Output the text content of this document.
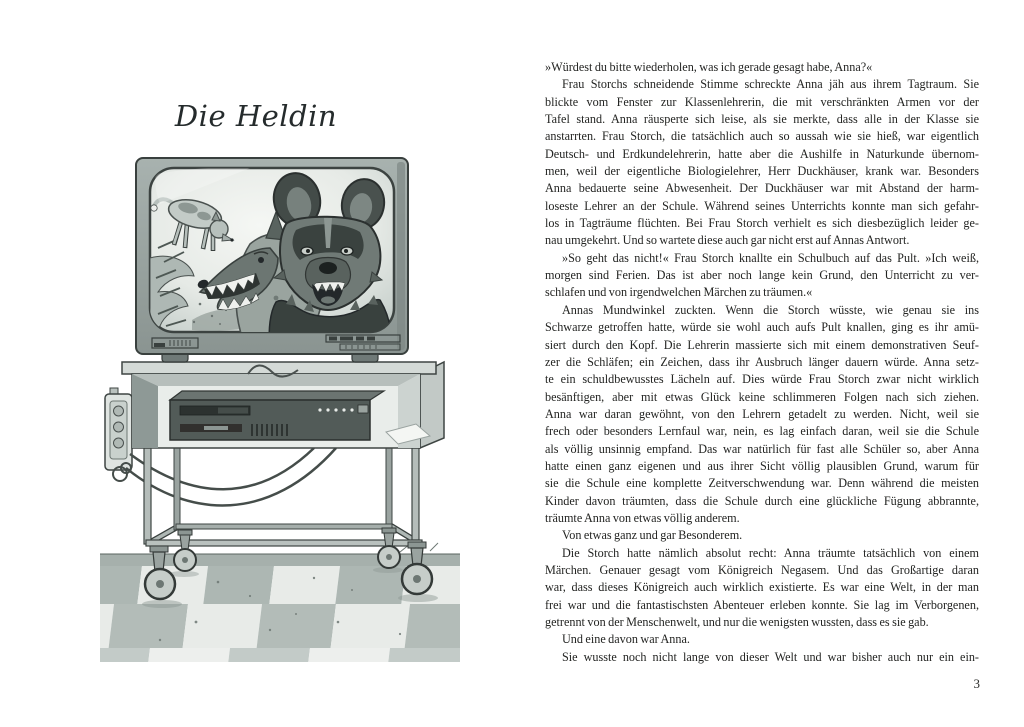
Die Heldin
»Würdest du bitte wiederholen, was ich gerade gesagt habe, Anna?«
Frau Storchs schneidende Stimme schreckte Anna jäh aus ihrem Tagtraum. Sie
blickte vom Fenster zur Klassenlehrerin, die mit verschränkten Armen vor der
Tafel stand. Anna räusperte sich leise, als sie merkte, dass alle in der Klasse sie
anstarrten. Frau Storch, die tatsächlich auch so aussah wie sie hieß, war eigentlich
Deutsch- und Erdkundelehrerin, hatte aber die Aushilfe in Naturkunde übernom-
men, weil der eigentliche Biologielehrer, Herr Duckhäuser, krank war. Besonders
Anna bedauerte seine Abwesenheit. Der Duckhäuser war mit Abstand der harm-
loseste Lehrer an der Schule. Während seines Unterrichts konnte man sich gefahr-
los in Tagträume flüchten. Bei Frau Storch verhielt es sich diesbezüglich leider ge-
nau umgekehrt. Und so wartete diese auch gar nicht erst auf Annas Antwort.
»So geht das nicht!« Frau Storch knallte ein Schulbuch auf das Pult. »Ich weiß,
morgen sind Ferien. Das ist aber noch lange kein Grund, den Unterricht zu ver-
schlafen und von irgendwelchen Märchen zu träumen.«
Annas Mundwinkel zuckten. Wenn die Storch wüsste, wie genau sie ins
Schwarze getroffen hatte, würde sie wohl auch aufs Pult knallen, ging es ihr amü-
siert durch den Kopf. Die Lehrerin massierte sich mit einem demonstrativen Seuf-
zer die Schläfen; ein Zeichen, dass ihr Ausbruch länger dauern würde. Anna setz-
te ein schuldbewusstes Lächeln auf. Dies würde Frau Storch zwar nicht wirklich
besänftigen, aber mit etwas Glück keine schlimmeren Folgen nach sich ziehen.
Anna war daran gewöhnt, von den Lehrern getadelt zu werden. Nicht, weil sie
frech oder besonders Lernfaul war, nein, es lag einfach daran, weil sie die Schule
als völlig unsinnig empfand. Das war natürlich für fast alle Schüler so, aber Anna
hatte einen ganz eigenen und aus ihrer Sicht völlig plausiblen Grund, warum für
sie die Schule eine komplette Zeitverschwendung war. Denn während die meisten
Kinder davon träumten, dass die Schule durch eine glückliche Fügung abbrannte,
träumte Anna von etwas völlig anderem.
Von etwas ganz und gar Besonderem.
Die Storch hatte nämlich absolut recht: Anna träumte tatsächlich von einem
Märchen. Genauer gesagt vom Königreich Negasem. Und das Großartige daran
war, dass dieses Königreich auch wirklich existierte. Es war eine Welt, in der man
frei war und die fantastischsten Abenteuer erleben konnte. Sie lag im Verborgenen,
getrennt von der Menschenwelt, und nur die wenigsten wussten, dass es sie gab.
Und eine davon war Anna.
Sie wusste noch nicht lange von dieser Welt und war bisher auch nur ein ein-
3
